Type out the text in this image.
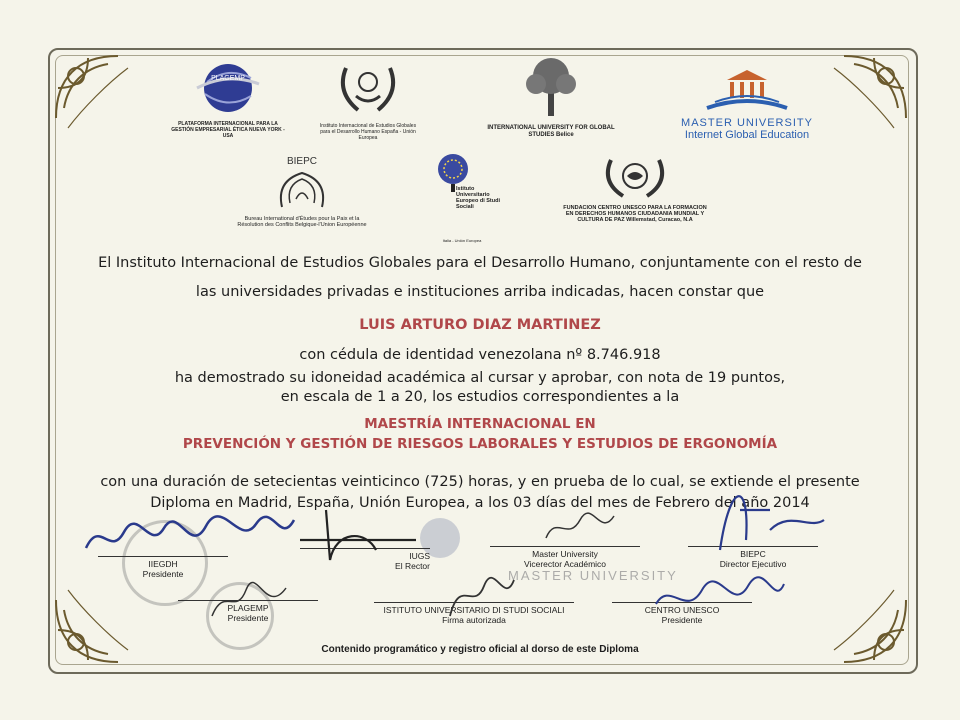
PLAGEMP
PLATAFORMA INTERNACIONAL PARA LA GESTIÓN EMPRESARIAL ÉTICA NUEVA YORK - USA
Instituto Internacional de Estudios Globales para el Desarrollo Humano España - Unión Europea
INTERNATIONAL UNIVERSITY FOR GLOBAL STUDIES Belice
MASTER UNIVERSITY
Internet Global Education
BIEPC
Bureau International d'Études pour la Paix et la Résolution des Conflits Belgique-l'Union Européenne
Istituto Universitario Europeo di Studi Sociali
Italia - Unión Europea
FUNDACION CENTRO UNESCO PARA LA FORMACION EN DERECHOS HUMANOS CIUDADANIA MUNDIAL Y CULTURA DE PAZ Willemstad, Curacao, N.A
El Instituto Internacional de Estudios Globales para el Desarrollo Humano, conjuntamente con el resto de
las universidades privadas e instituciones arriba indicadas, hacen constar que
LUIS ARTURO DIAZ MARTINEZ
con cédula de identidad venezolana nº 8.746.918
ha demostrado su idoneidad académica al cursar y aprobar, con nota de 19 puntos,
en escala de 1 a 20, los estudios correspondientes a la
MAESTRÍA INTERNACIONAL EN
PREVENCIÓN Y GESTIÓN DE RIESGOS LABORALES Y ESTUDIOS DE ERGONOMÍA
con una duración de setecientas veinticinco (725) horas, y en prueba de lo cual, se extiende el presente
Diploma en Madrid, España, Unión Europea, a los 03 días del mes de Febrero del año 2014
MASTER UNIVERSITY
IIEGDH
Presidente
IUGS
El Rector
Master University
Vicerector Académico
BIEPC
Director Ejecutivo
PLAGEMP
Presidente
ISTITUTO UNIVERSITARIO DI STUDI SOCIALI
Firma autorizada
CENTRO UNESCO
Presidente
Contenido programático y registro oficial al dorso de este Diploma
